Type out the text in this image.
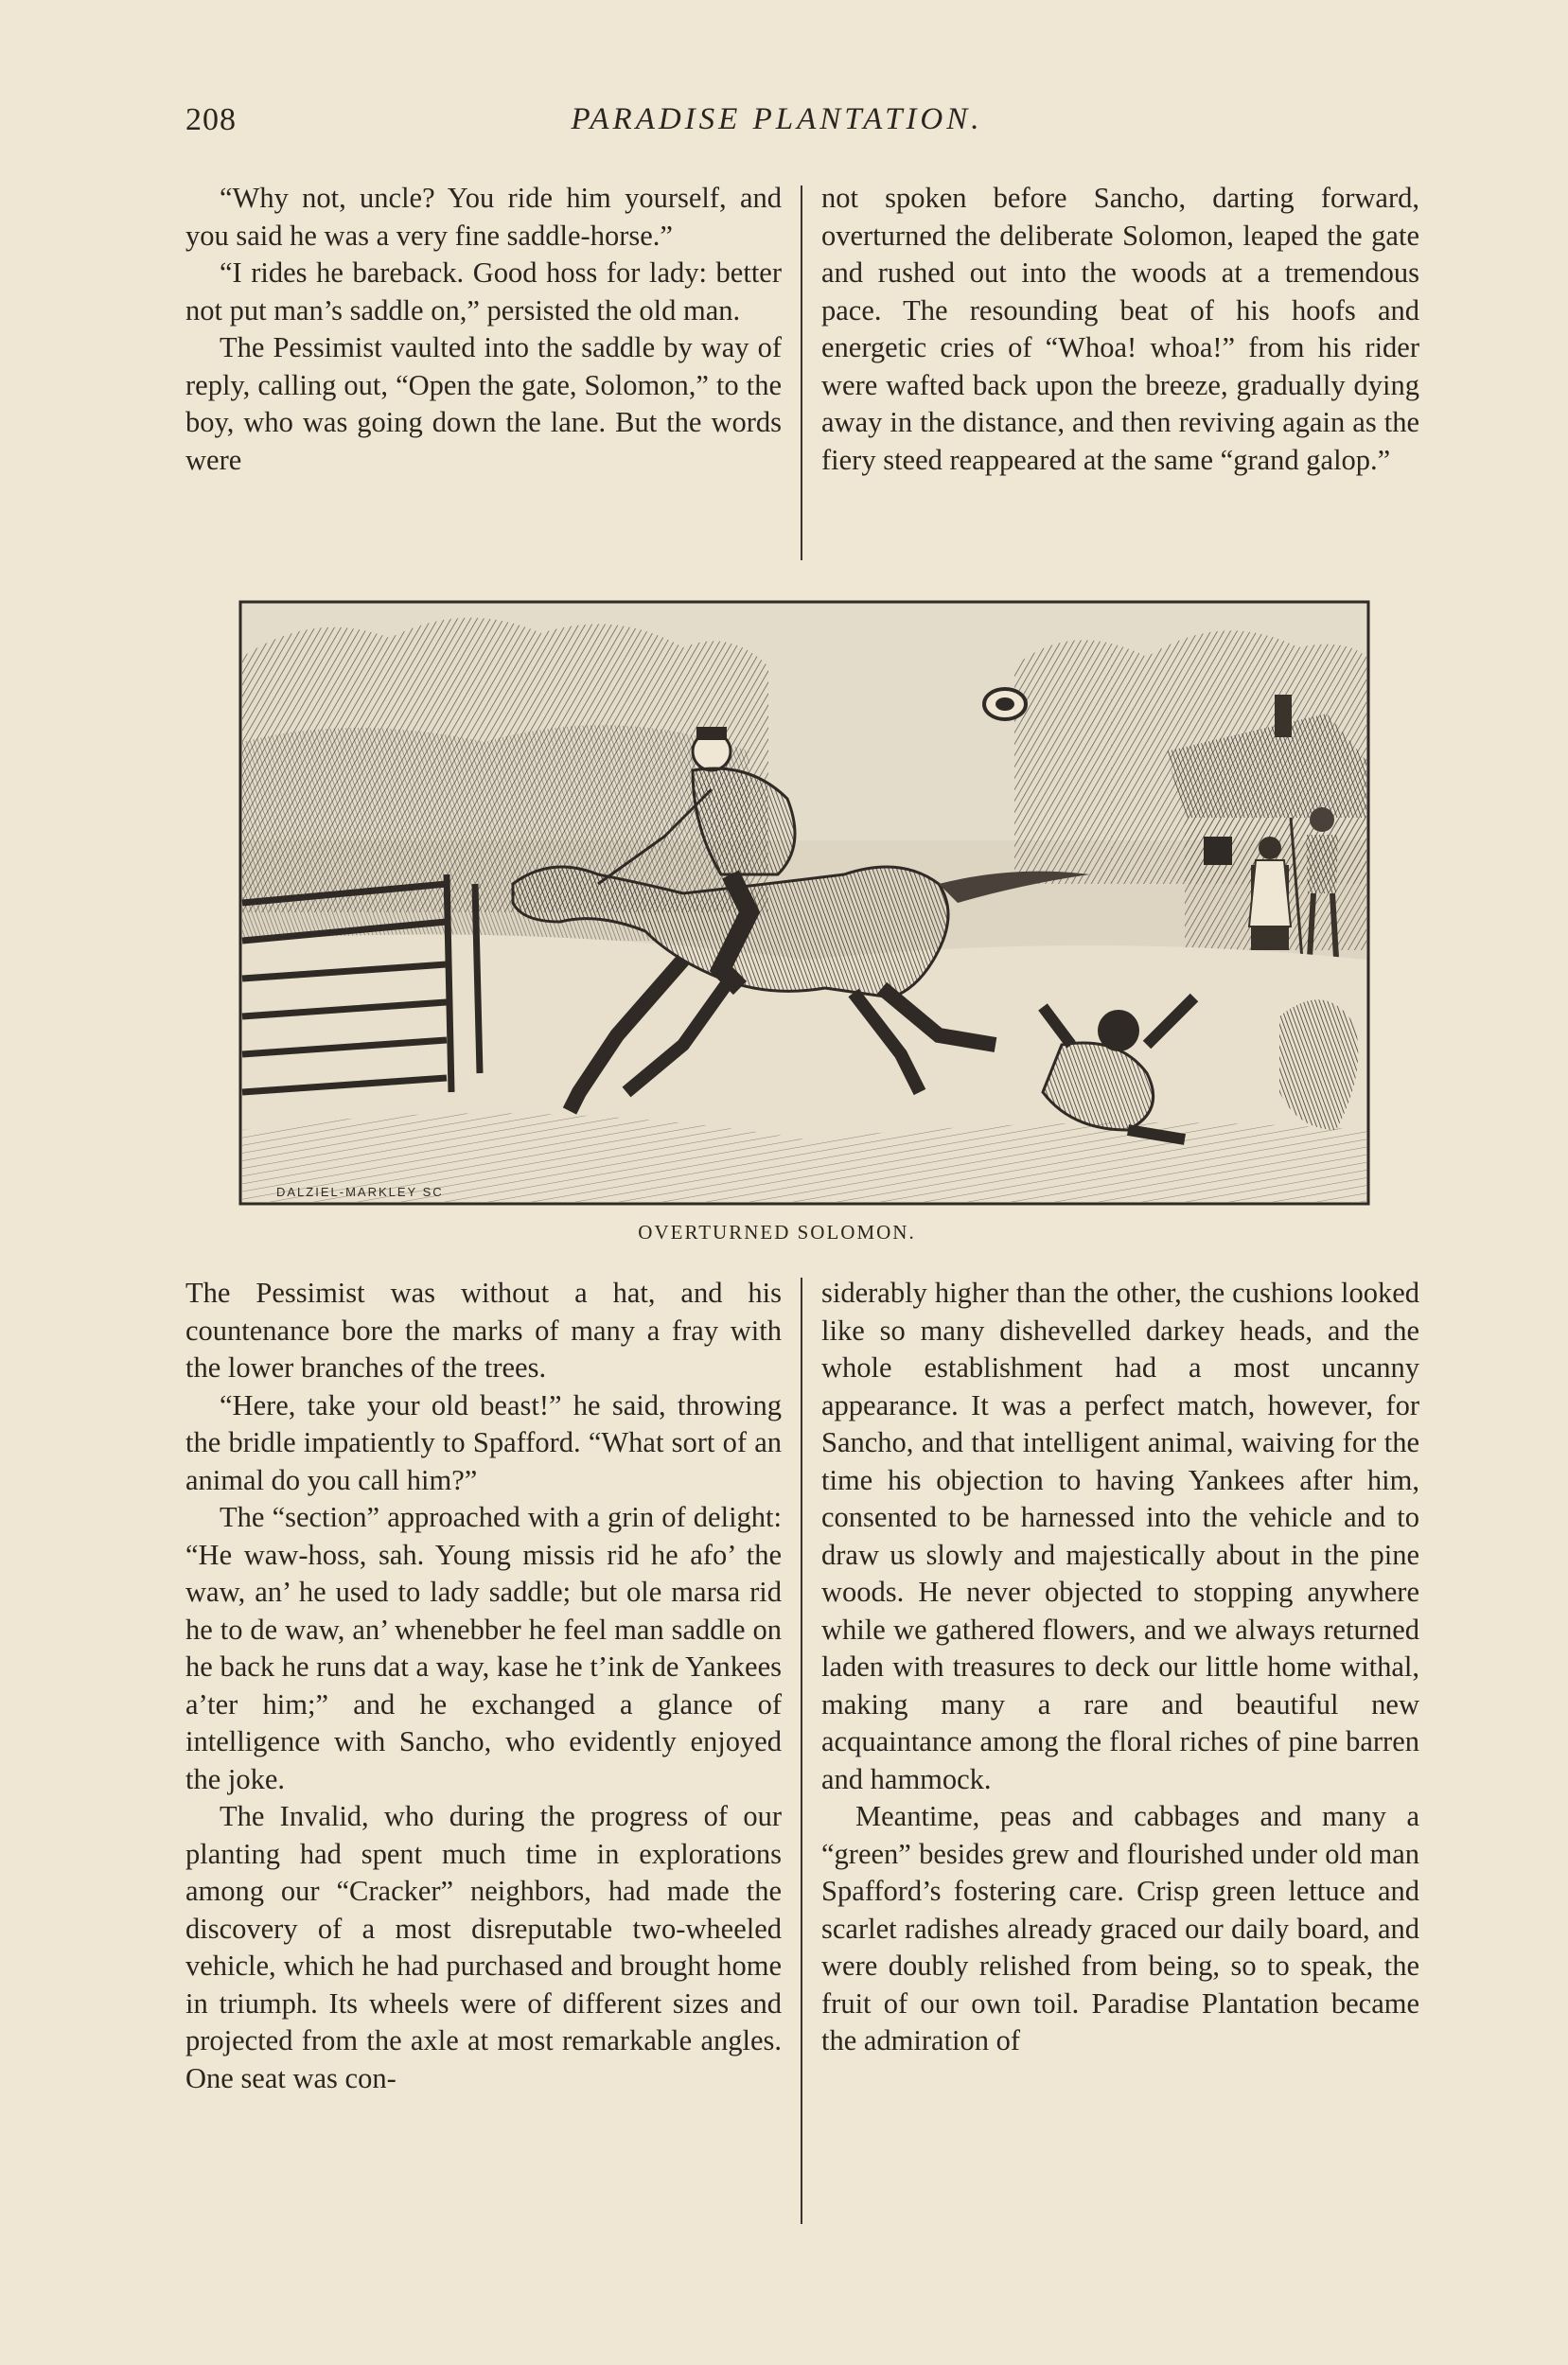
208	PARADISE PLANTATION.

“Why not, uncle? You ride him yourself, and you said he was a very fine saddle-horse.”

“I rides he bareback. Good hoss for lady: better not put man’s saddle on,” persisted the old man.

The Pessimist vaulted into the saddle by way of reply, calling out, “Open the gate, Solomon,” to the boy, who was going down the lane. But the words were

not spoken before Sancho, darting forward, overturned the deliberate Solomon, leaped the gate and rushed out into the woods at a tremendous pace. The resounding beat of his hoofs and energetic cries of “Whoa! whoa!” from his rider were wafted back upon the breeze, gradually dying away in the distance, and then reviving again as the fiery steed reappeared at the same “grand galop.”

DALZIEL-MARKLEY SC
OVERTURNED SOLOMON.

The Pessimist was without a hat, and his countenance bore the marks of many a fray with the lower branches of the trees.

“Here, take your old beast!” he said, throwing the bridle impatiently to Spafford. “What sort of an animal do you call him?”

The “section” approached with a grin of delight: “He waw-hoss, sah. Young missis rid he afo’ the waw, an’ he used to lady saddle; but ole marsa rid he to de waw, an’ whenebber he feel man saddle on he back he runs dat a way, kase he t’ink de Yankees a’ter him;” and he exchanged a glance of intelligence with Sancho, who evidently enjoyed the joke.

The Invalid, who during the progress of our planting had spent much time in explorations among our “Cracker” neighbors, had made the discovery of a most disreputable two-wheeled vehicle, which he had purchased and brought home in triumph. Its wheels were of different sizes and projected from the axle at most remarkable angles. One seat was con-

siderably higher than the other, the cushions looked like so many dishevelled darkey heads, and the whole establishment had a most uncanny appearance. It was a perfect match, however, for Sancho, and that intelligent animal, waiving for the time his objection to having Yankees after him, consented to be harnessed into the vehicle and to draw us slowly and majestically about in the pine woods. He never objected to stopping anywhere while we gathered flowers, and we always returned laden with treasures to deck our little home withal, making many a rare and beautiful new acquaintance among the floral riches of pine barren and hammock.

Meantime, peas and cabbages and many a “green” besides grew and flourished under old man Spafford’s fostering care. Crisp green lettuce and scarlet radishes already graced our daily board, and were doubly relished from being, so to speak, the fruit of our own toil. Paradise Plantation became the admiration of
